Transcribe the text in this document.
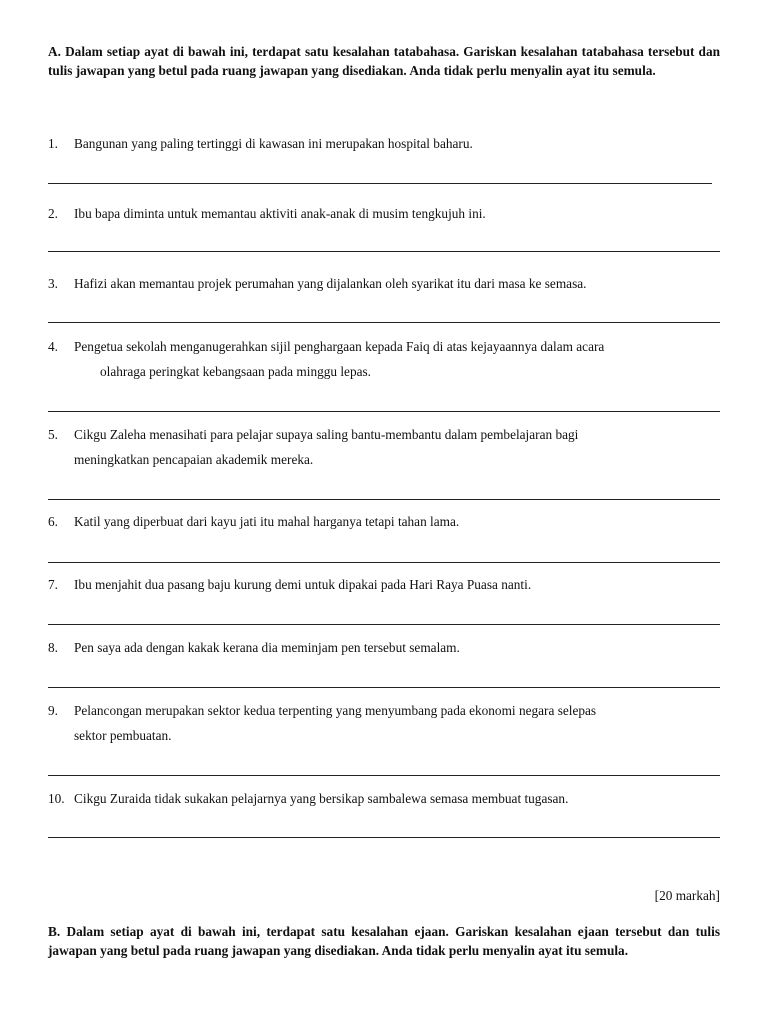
A. Dalam setiap ayat di bawah ini, terdapat satu kesalahan tatabahasa. Gariskan kesalahan tatabahasa tersebut dan tulis jawapan yang betul pada ruang jawapan yang disediakan. Anda tidak perlu menyalin ayat itu semula.
1. Bangunan yang paling tertinggi di kawasan ini merupakan hospital baharu.
2. Ibu bapa diminta untuk memantau aktiviti anak-anak di musim tengkujuh ini.
3. Hafizi akan memantau projek perumahan yang dijalankan oleh syarikat itu dari masa ke semasa.
4. Pengetua sekolah menganugerahkan sijil penghargaan kepada Faiq di atas kejayaannya dalam acara
olahraga peringkat kebangsaan pada minggu lepas.
5. Cikgu Zaleha menasihati para pelajar supaya saling bantu-membantu dalam pembelajaran bagi
meningkatkan pencapaian akademik mereka.
6. Katil yang diperbuat dari kayu jati itu mahal harganya tetapi tahan lama.
7. Ibu menjahit dua pasang baju kurung demi untuk dipakai pada Hari Raya Puasa nanti.
8. Pen saya ada dengan kakak kerana dia meminjam pen tersebut semalam.
9. Pelancongan merupakan sektor kedua terpenting yang menyumbang pada ekonomi negara selepas
sektor pembuatan.
10. Cikgu Zuraida tidak sukakan pelajarnya yang bersikap sambalewa semasa membuat tugasan.
[20 markah]
B. Dalam setiap ayat di bawah ini, terdapat satu kesalahan ejaan. Gariskan kesalahan ejaan tersebut dan tulis jawapan yang betul pada ruang jawapan yang disediakan. Anda tidak perlu menyalin ayat itu semula.
